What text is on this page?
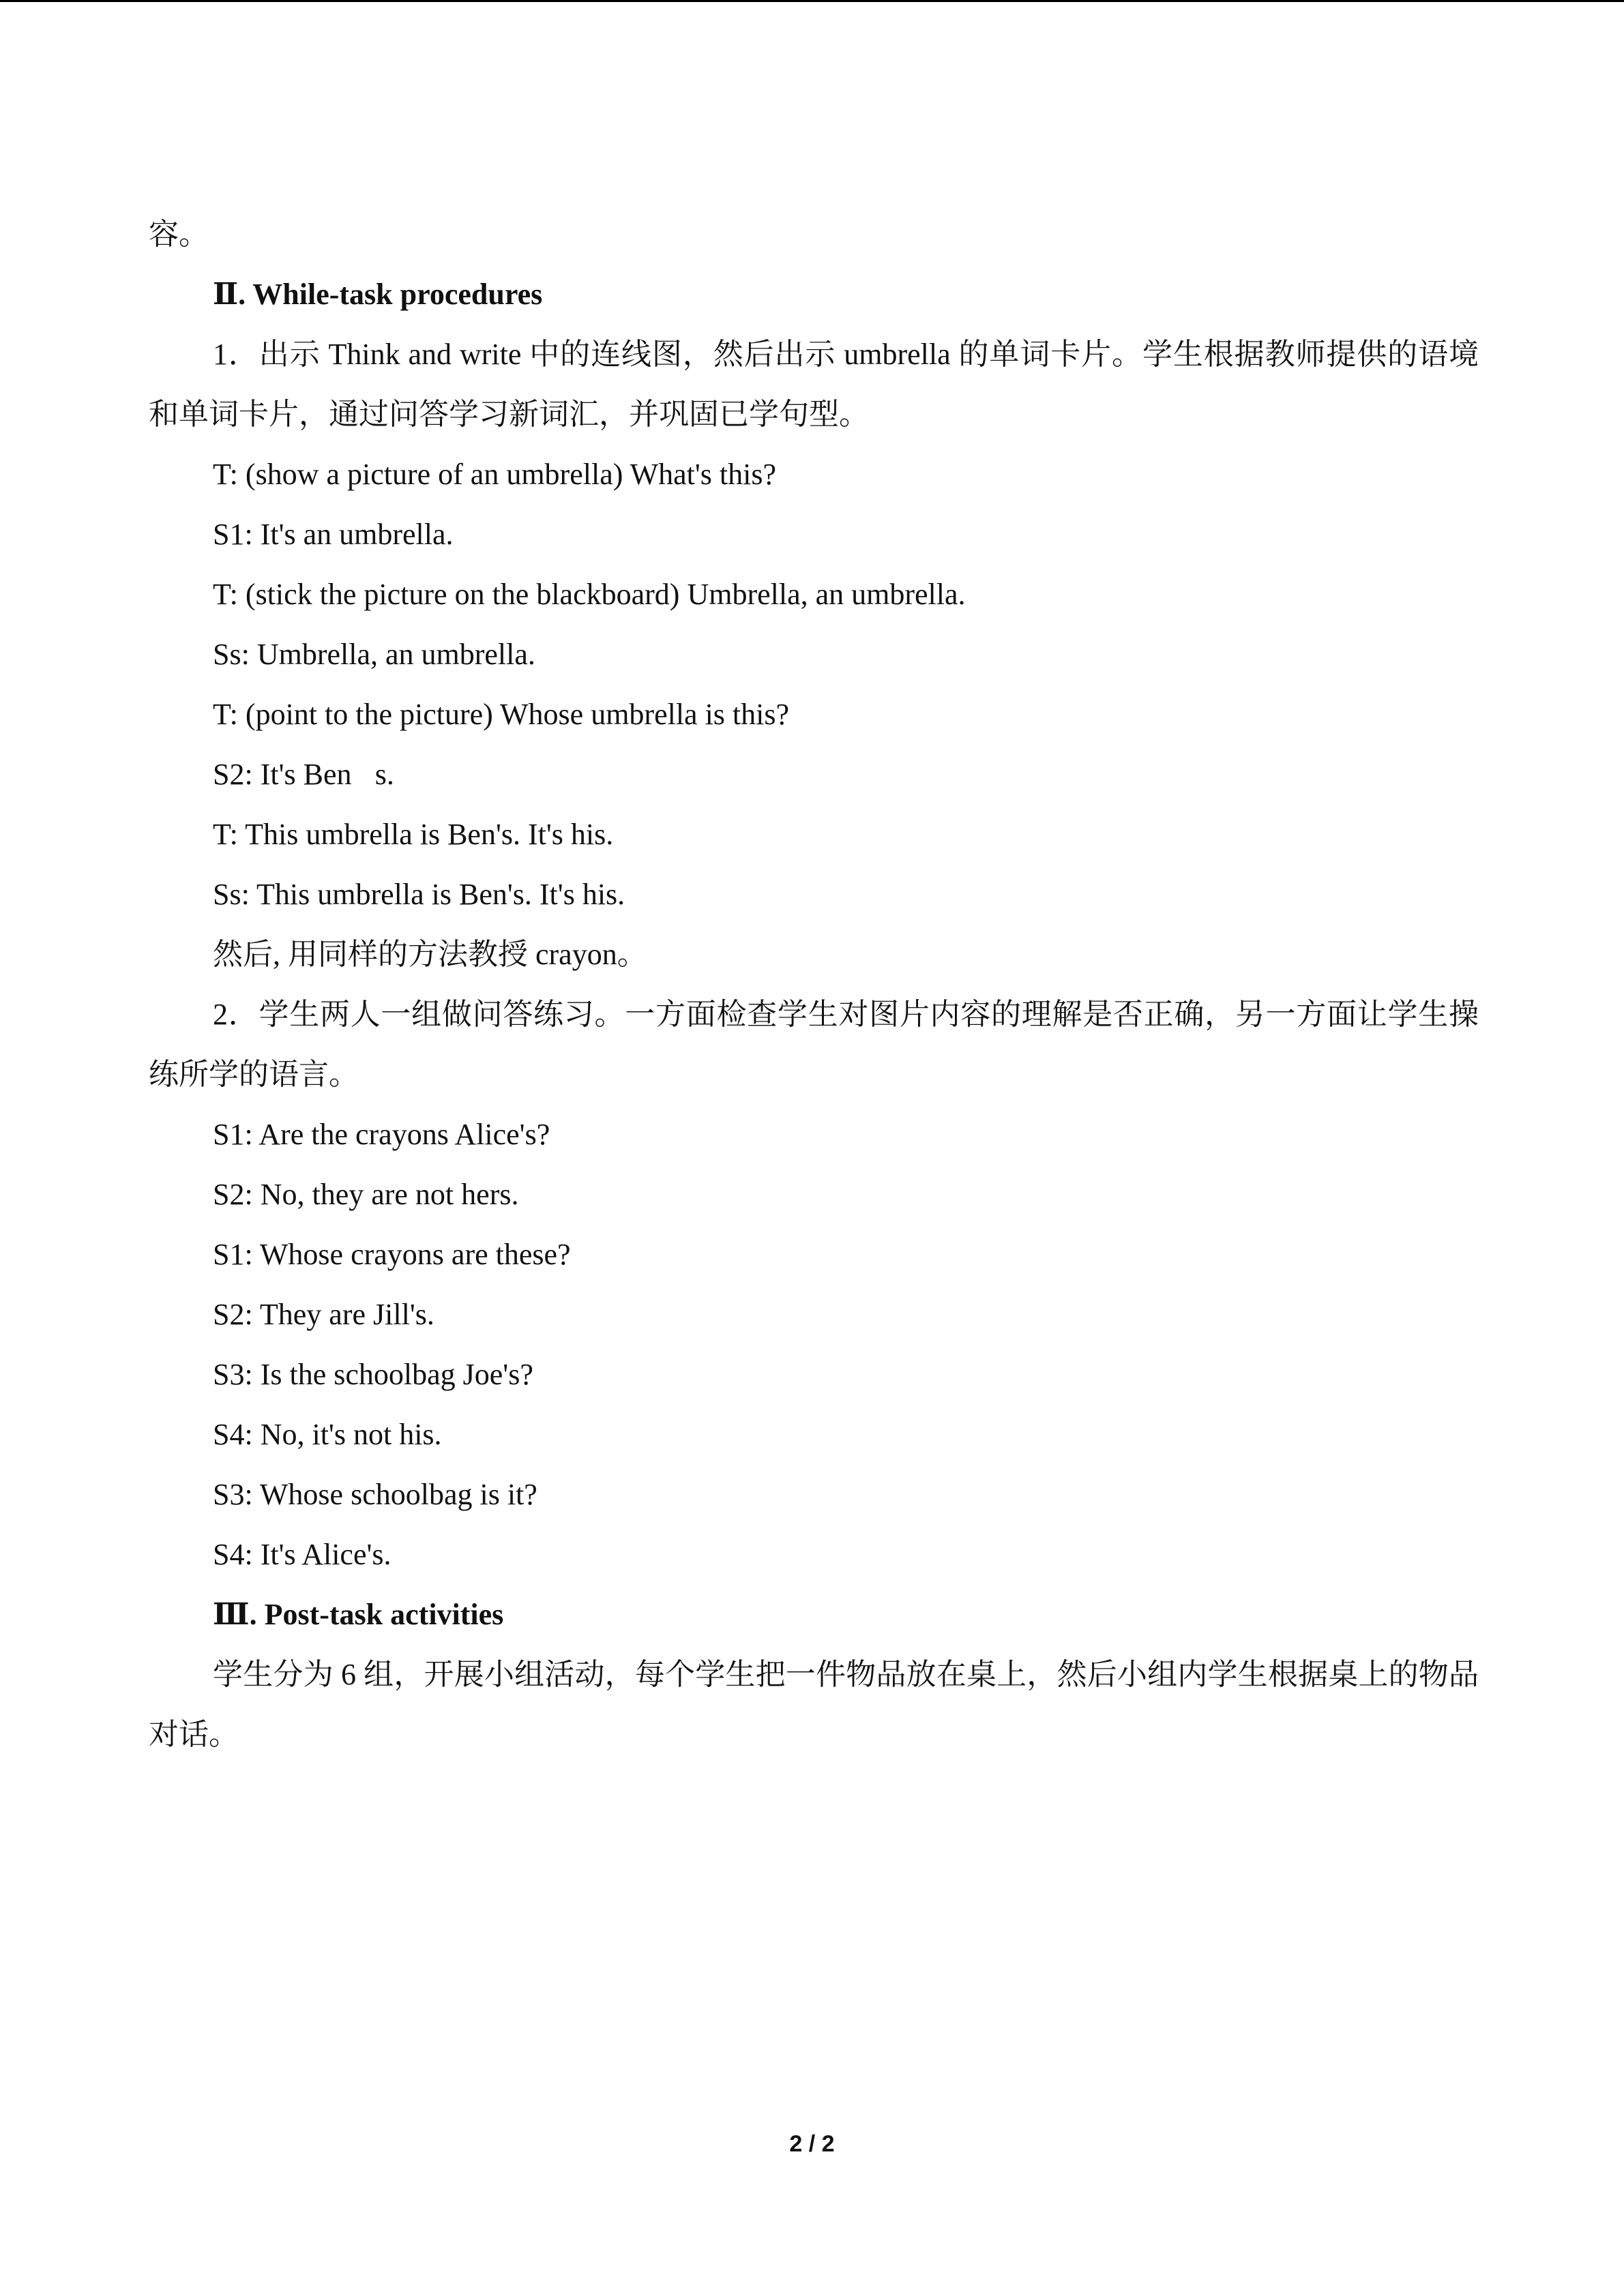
容。
Ⅱ. While-task procedures
1．出示 Think and write 中的连线图，然后出示 umbrella 的单词卡片。学生根据教师提供的语境和单词卡片，通过问答学习新词汇，并巩固已学句型。
T: (show a picture of an umbrella) What's this?
S1: It's an umbrella.
T: (stick the picture on the blackboard) Umbrella, an umbrella.
Ss: Umbrella, an umbrella.
T: (point to the picture) Whose umbrella is this?
S2: It's Ben s.
T: This umbrella is Ben's. It's his.
Ss: This umbrella is Ben's. It's his.
然后, 用同样的方法教授 crayon。
2．学生两人一组做问答练习。一方面检查学生对图片内容的理解是否正确，另一方面让学生操练所学的语言。
S1: Are the crayons Alice's?
S2: No, they are not hers.
S1: Whose crayons are these?
S2: They are Jill's.
S3: Is the schoolbag Joe's?
S4: No, it's not his.
S3: Whose schoolbag is it?
S4: It's Alice's.
Ⅲ. Post-task activities
学生分为 6 组，开展小组活动，每个学生把一件物品放在桌上，然后小组内学生根据桌上的物品对话。
2 / 2
